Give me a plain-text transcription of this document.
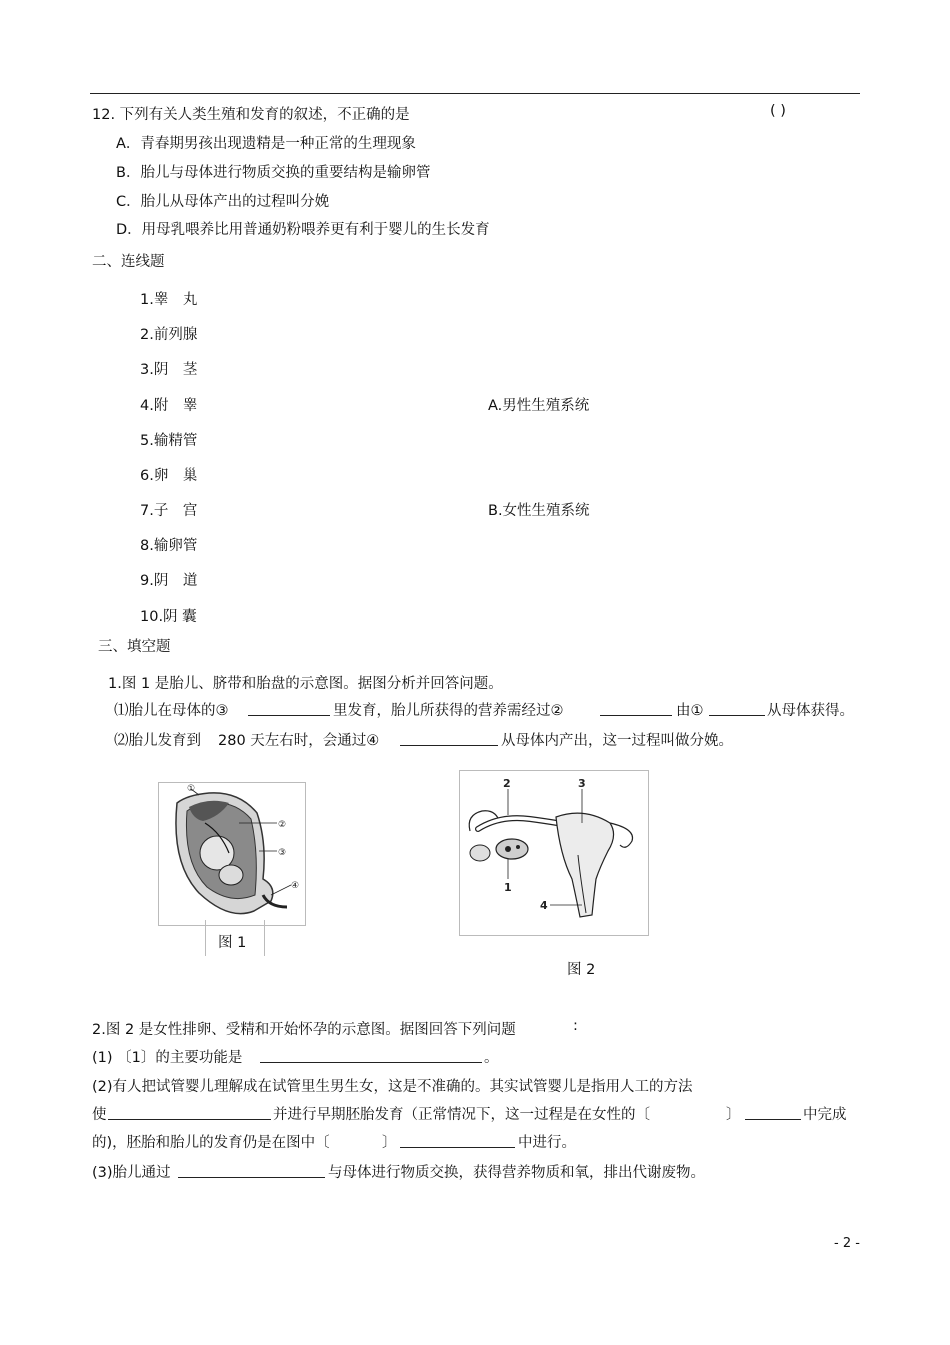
12. 下列有关人类生殖和发育的叙述，不正确的是	( )
A．青春期男孩出现遗精是一种正常的生理现象
B．胎儿与母体进行物质交换的重要结构是输卵管
C．胎儿从母体产出的过程叫分娩
D．用母乳喂养比用普通奶粉喂养更有利于婴儿的生长发育
二、连线题
1.睾　丸
2.前列腺
3.阴　茎
4.附　睾
5.输精管
6.卵　巢
7.子　宫
8.输卵管
9.阴　道
10.阴 囊
A.男性生殖系统
B.女性生殖系统
三、填空题
1.图 1 是胎儿、脐带和胎盘的示意图。据图分析并回答问题。
⑴胎儿在母体的③	里发育，胎儿所获得的营养需经过②	由①	从母体获得。
⑵胎儿发育到 280 天左右时，会通过④	从母体内产出，这一过程叫做分娩。
①
②
③
④
图 1
2	3
1
4
图 2
2.图 2 是女性排卵、受精和开始怀孕的示意图。据图回答下列问题	:
(1) 〔1〕的主要功能是	。
(2)有人把试管婴儿理解成在试管里生男生女，这是不准确的。其实试管婴儿是指用人工的方法
使	并进行早期胚胎发育（正常情况下，这一过程是在女性的〔	〕	中完成
的)，胚胎和胎儿的发育仍是在图中〔	〕	中进行。
(3)胎儿通过	与母体进行物质交换，获得营养物质和氧，排出代谢废物。
- 2 -
